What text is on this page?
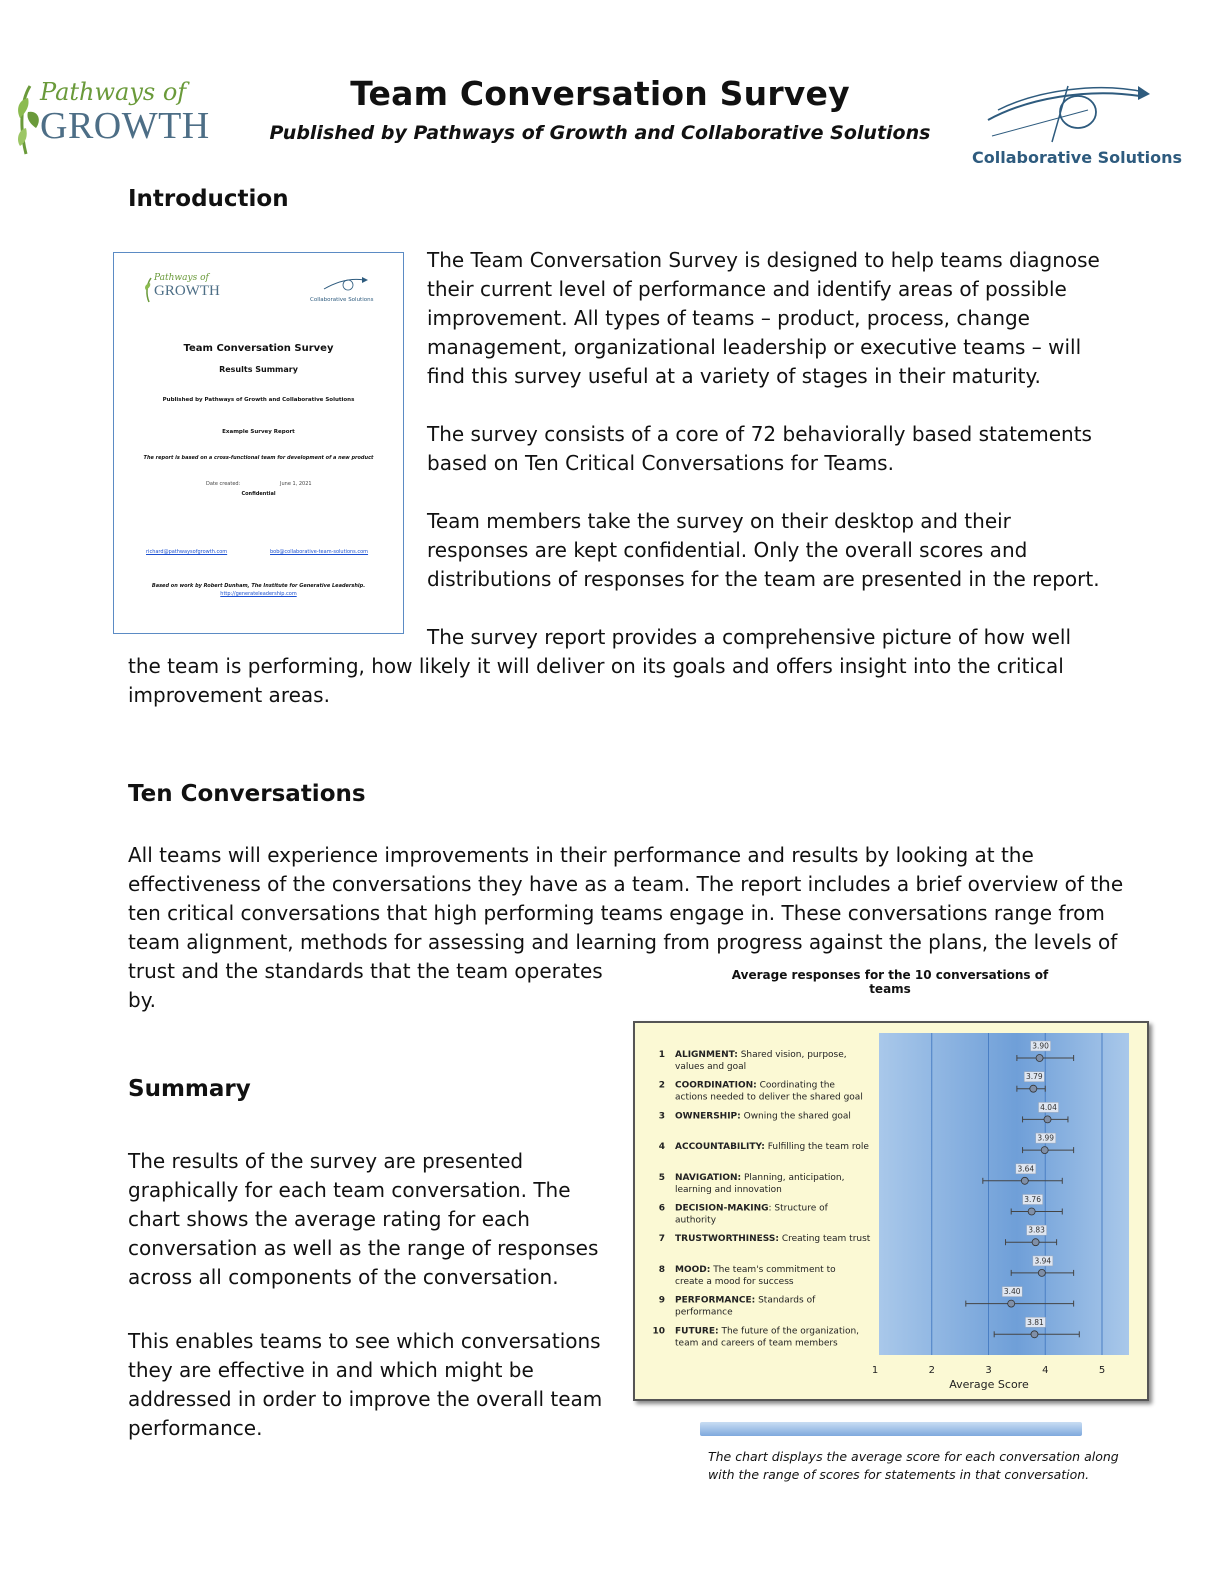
Pathways of
GROWTH
Team Conversation Survey
Published by Pathways of Growth and Collaborative Solutions
Collaborative Solutions
Introduction
Pathways of
GROWTH
Collaborative Solutions
Team Conversation Survey
Results Summary
Published by Pathways of Growth and Collaborative Solutions
Example Survey Report
The report is based on a cross-functional team for development of a new product
Date created:	June 1, 2021
Confidential
richard@pathwaysofgrowth.com	bob@collaborative-team-solutions.com
Based on work by Robert Dunham, The Institute for Generative Leadership.
http://generateleadership.com
The Team Conversation Survey is designed to help teams diagnose
their current level of performance and identify areas of possible
improvement. All types of teams – product, process, change
management, organizational leadership or executive teams – will
find this survey useful at a variety of stages in their maturity.
The survey consists of a core of 72 behaviorally based statements
based on Ten Critical Conversations for Teams.
Team members take the survey on their desktop and their
responses are kept confidential. Only the overall scores and
distributions of responses for the team are presented in the report.
The survey report provides a comprehensive picture of how well
the team is performing, how likely it will deliver on its goals and offers insight into the critical
improvement areas.
Ten Conversations
All teams will experience improvements in their performance and results by looking at the
effectiveness of the conversations they have as a team. The report includes a brief overview of the
ten critical conversations that high performing teams engage in. These conversations range from
team alignment, methods for assessing and learning from progress against the plans, the levels of
trust and the standards that the team operates
by.
Summary
The results of the survey are presented
graphically for each team conversation. The
chart shows the average rating for each
conversation as well as the range of responses
across all components of the conversation.
This enables teams to see which conversations
they are effective in and which might be
addressed in order to improve the overall team
performance.
Average responses for the 10 conversations of teams
1 ALIGNMENT: Shared vision, purpose,
values and goal
2 COORDINATION: Coordinating the
actions needed to deliver the shared goal
3 OWNERSHIP: Owning the shared goal
4 ACCOUNTABILITY: Fulfilling the team role
5 NAVIGATION: Planning, anticipation,
learning and innovation
6 DECISION-MAKING: Structure of
authority
7 TRUSTWORTHINESS: Creating team trust
8 MOOD: The team's commitment to
create a mood for success
9 PERFORMANCE: Standards of
performance
10 FUTURE: The future of the organization,
team and careers of team members
3.90
3.79
4.04
3.99
3.64
3.76
3.83
3.94
3.40
3.81
1	2	3	4	5
Average Score
The chart displays the average score for each conversation along
with the range of scores for statements in that conversation.
